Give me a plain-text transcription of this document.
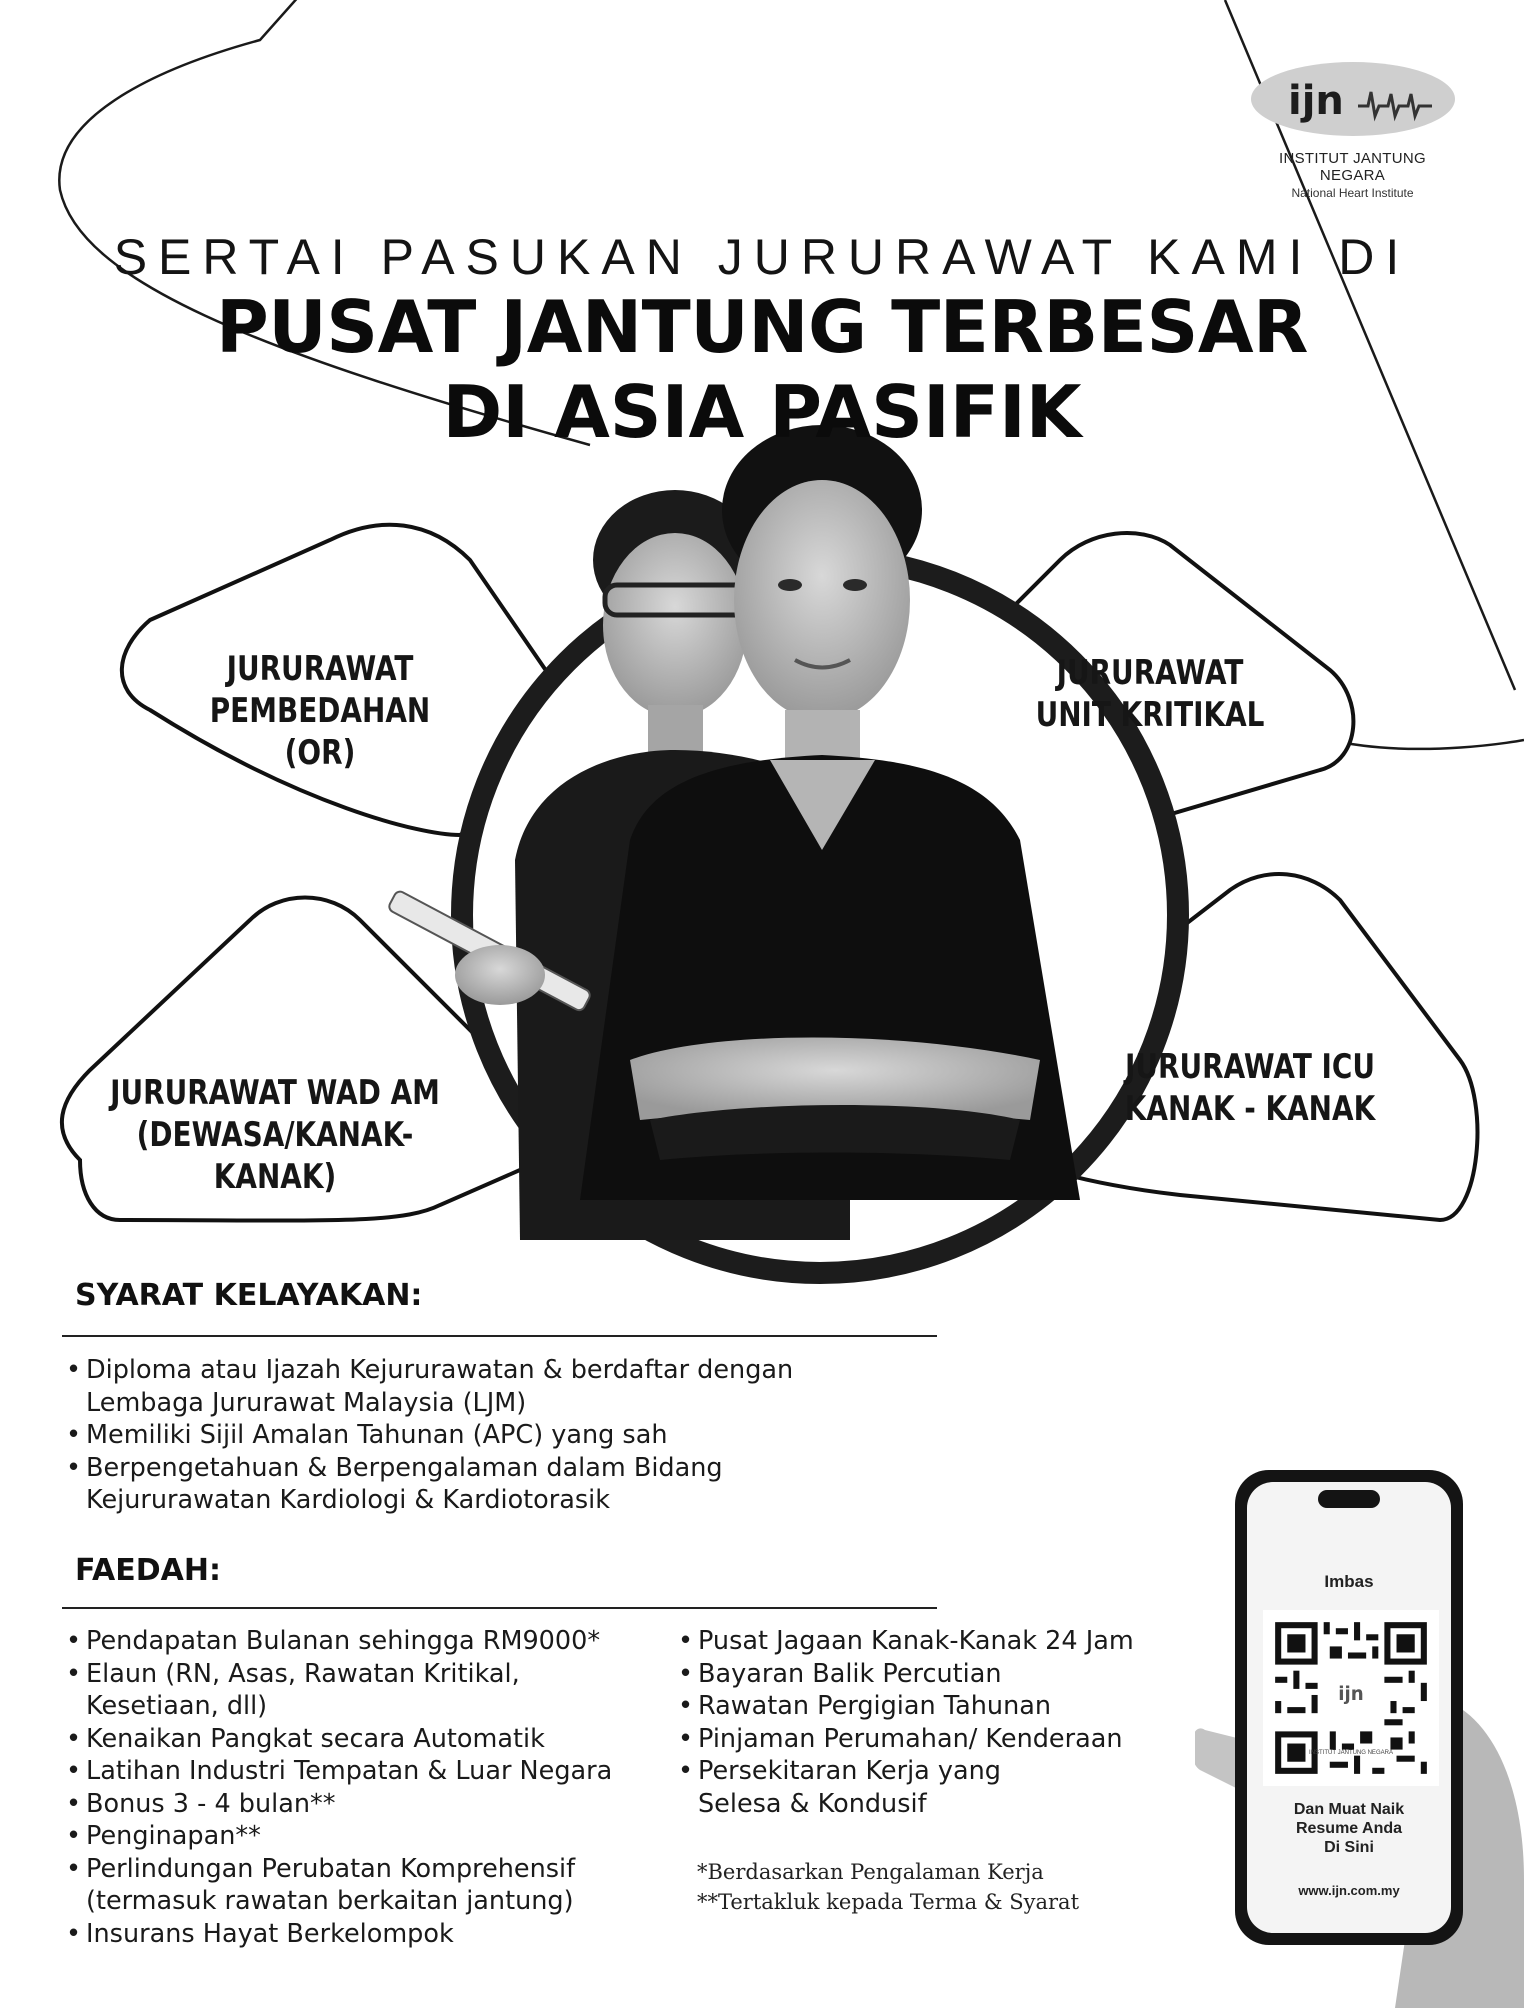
ijn
INSTITUT JANTUNG NEGARA
National Heart Institute
SERTAI PASUKAN JURURAWAT KAMI DI
PUSAT JANTUNG TERBESAR
DI ASIA PASIFIK
JURURAWAT
PEMBEDAHAN (OR)
JURURAWAT
UNIT KRITIKAL
JURURAWAT WAD AM
(DEWASA/KANAK-KANAK)
JURURAWAT ICU
KANAK - KANAK
SYARAT KELAYAKAN:
• Diploma atau Ijazah Kejururawatan & berdaftar dengan
Lembaga Jururawat Malaysia (LJM)
• Memiliki Sijil Amalan Tahunan (APC) yang sah
• Berpengetahuan & Berpengalaman dalam Bidang
Kejururawatan Kardiologi & Kardiotorasik
FAEDAH:
• Pendapatan Bulanan sehingga RM9000*
• Elaun (RN, Asas, Rawatan Kritikal,
Kesetiaan, dll)
• Kenaikan Pangkat secara Automatik
• Latihan Industri Tempatan & Luar Negara
• Bonus 3 - 4 bulan**
• Penginapan**
• Perlindungan Perubatan Komprehensif
(termasuk rawatan berkaitan jantung)
• Insurans Hayat Berkelompok
• Pusat Jagaan Kanak-Kanak 24 Jam
• Bayaran Balik Percutian
• Rawatan Pergigian Tahunan
• Pinjaman Perumahan/ Kenderaan
• Persekitaran Kerja yang
Selesa & Kondusif
*Berdasarkan Pengalaman Kerja
**Tertakluk kepada Terma & Syarat
Imbas
ijn
INSTITUT JANTUNG NEGARA
Dan Muat Naik
Resume Anda
Di Sini
www.ijn.com.my
